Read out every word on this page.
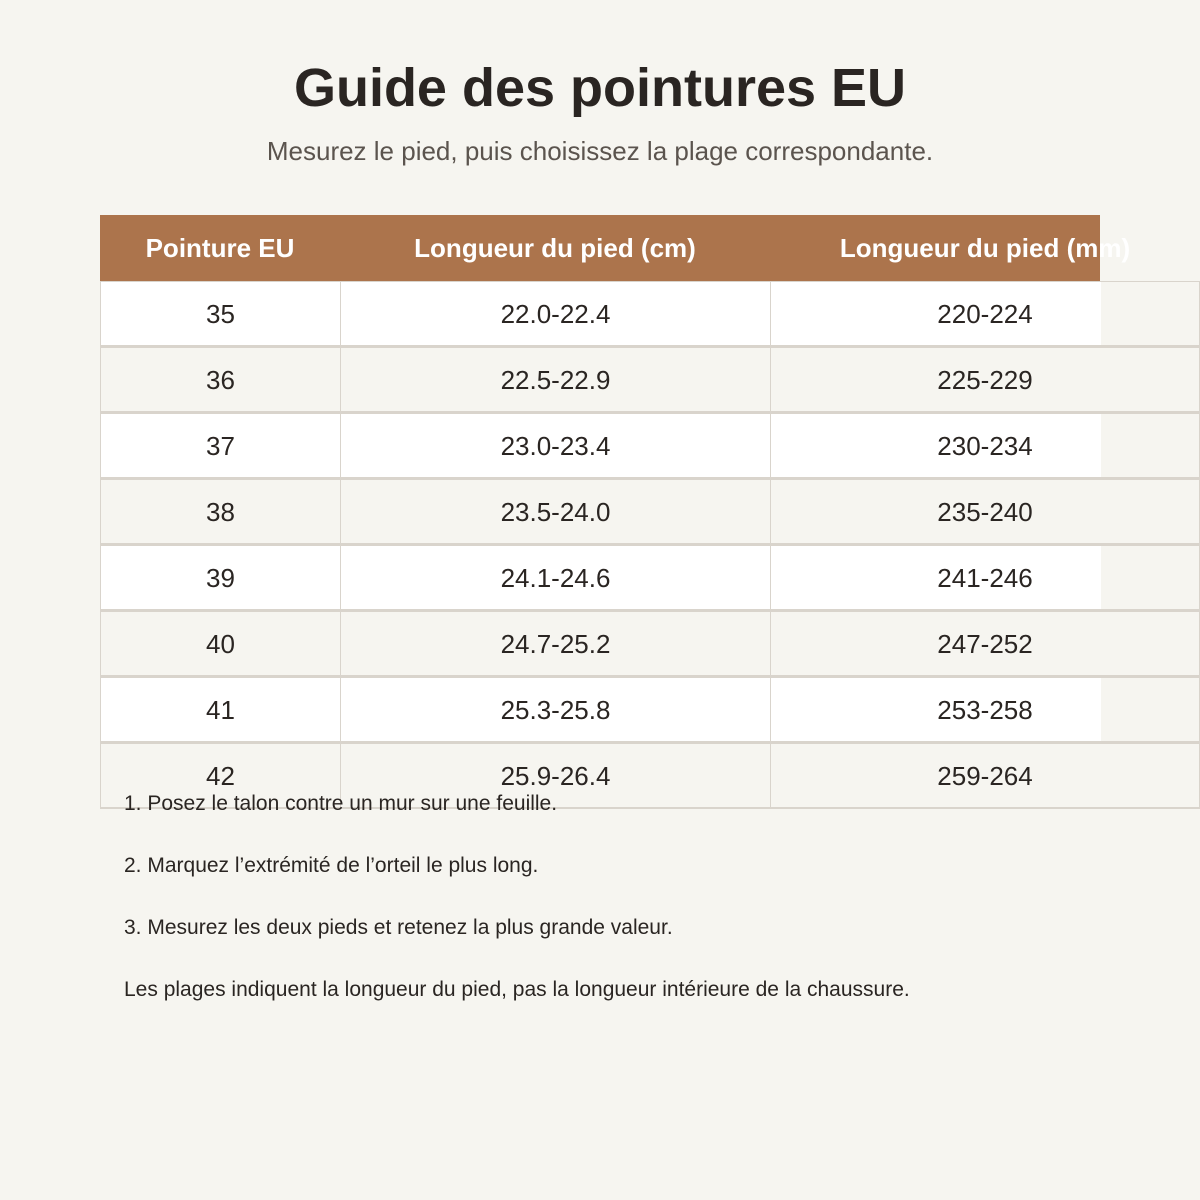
Guide des pointures EU
Mesurez le pied, puis choisissez la plage correspondante.
Pointure EU	Longueur du pied (cm)	Longueur du pied (mm)
35	22.0-22.4	220-224
36	22.5-22.9	225-229
37	23.0-23.4	230-234
38	23.5-24.0	235-240
39	24.1-24.6	241-246
40	24.7-25.2	247-252
41	25.3-25.8	253-258
42	25.9-26.4	259-264
1. Posez le talon contre un mur sur une feuille.
2. Marquez l’extrémité de l’orteil le plus long.
3. Mesurez les deux pieds et retenez la plus grande valeur.
Les plages indiquent la longueur du pied, pas la longueur intérieure de la chaussure.
